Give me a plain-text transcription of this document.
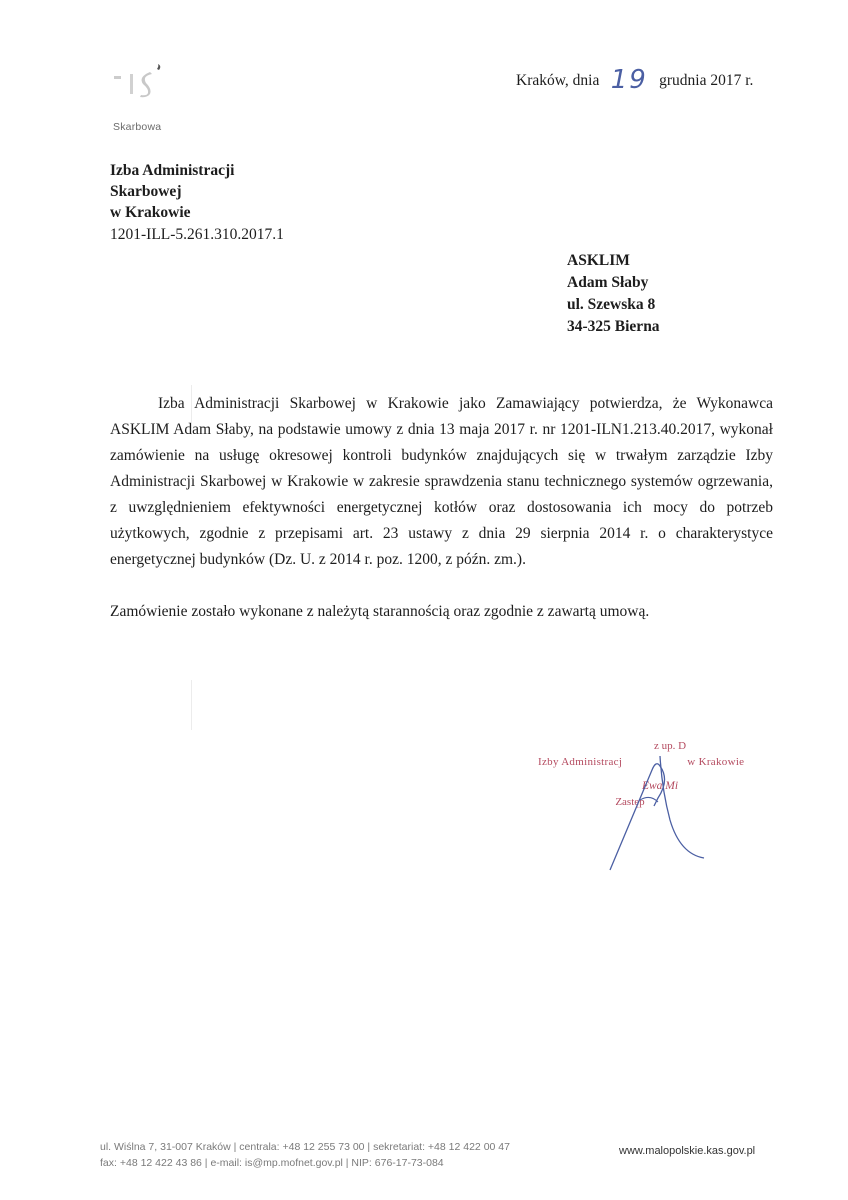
Skarbowa
Kraków, dnia 19 grudnia 2017 r.
Izba Administracji
Skarbowej
w Krakowie
1201-ILL-5.261.310.2017.1
ASKLIM
Adam Słaby
ul. Szewska 8
34-325 Bierna

Izba Administracji Skarbowej w Krakowie jako Zamawiający potwierdza, że Wykonawca ASKLIM Adam Słaby, na podstawie umowy z dnia 13 maja 2017 r. nr 1201-ILN1.213.40.2017, wykonał zamówienie na usługę okresowej kontroli budynków znajdujących się w trwałym zarządzie Izby Administracji Skarbowej w Krakowie w zakresie sprawdzenia stanu technicznego systemów ogrzewania, z uwzględnieniem efektywności energetycznej kotłów oraz dostosowania ich mocy do potrzeb użytkowych, zgodnie z przepisami art. 23 ustawy z dnia 29 sierpnia 2014 r. o charakterystyce energetycznej budynków (Dz. U. z 2014 r. poz. 1200, z późn. zm.).

Zamówienie zostało wykonane z należytą starannością oraz zgodnie z zawartą umową.

z up. D
Izby Administracj	w Krakowie
Ewa Mi
Zastęp
ul. Wiślna 7, 31-007 Kraków | centrala: +48 12 255 73 00 | sekretariat: +48 12 422 00 47
fax: +48 12 422 43 86 | e-mail: is@mp.mofnet.gov.pl | NIP: 676-17-73-084
www.malopolskie.kas.gov.pl
